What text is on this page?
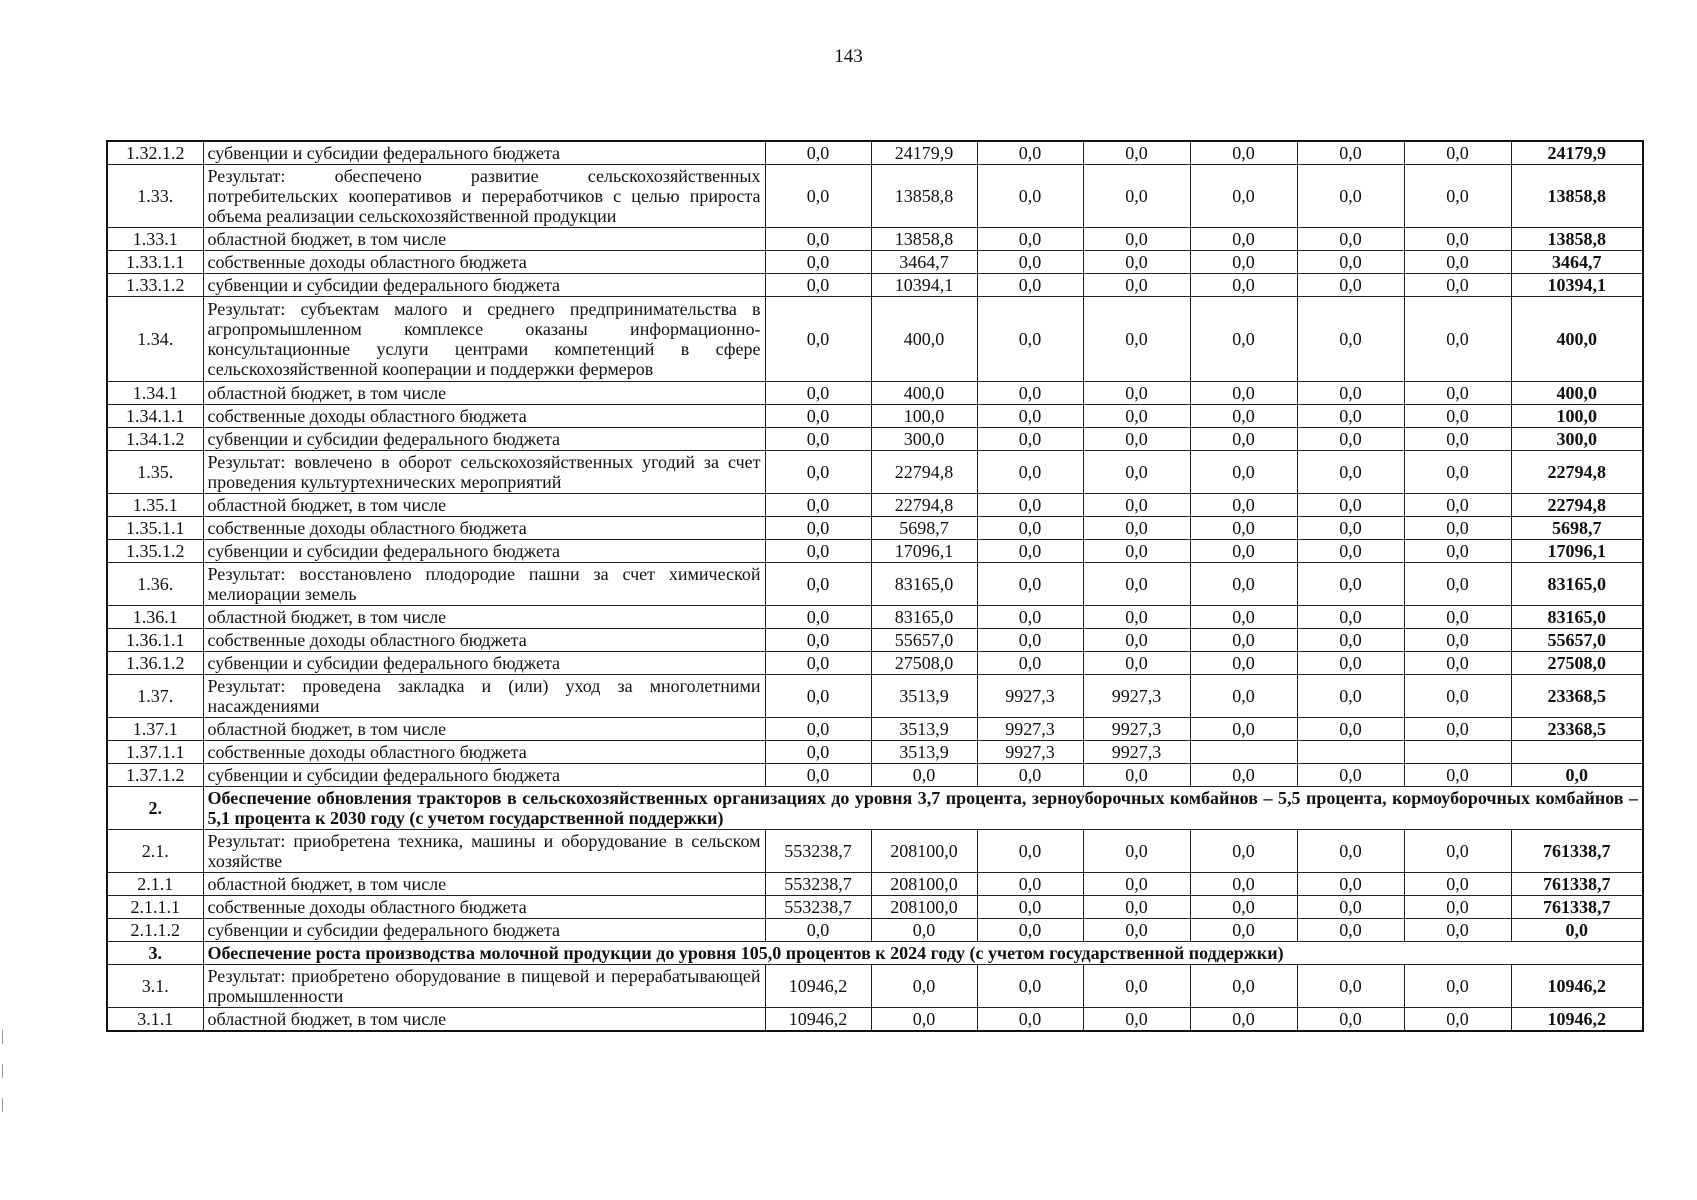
143
1.32.1.2	субвенции и субсидии федерального бюджета	0,0	24179,9	0,0	0,0	0,0	0,0	0,0	24179,9
1.33.	Результат: обеспечено развитие сельскохозяйственных потребительских кооперативов и переработчиков с целью прироста объема реализации сельскохозяйственной продукции	0,0	13858,8	0,0	0,0	0,0	0,0	0,0	13858,8
1.33.1	областной бюджет, в том числе	0,0	13858,8	0,0	0,0	0,0	0,0	0,0	13858,8
1.33.1.1	собственные доходы областного бюджета	0,0	3464,7	0,0	0,0	0,0	0,0	0,0	3464,7
1.33.1.2	субвенции и субсидии федерального бюджета	0,0	10394,1	0,0	0,0	0,0	0,0	0,0	10394,1
1.34.	Результат: субъектам малого и среднего предпринимательства в агропромышленном комплексе оказаны информационно-консультационные услуги центрами компетенций в сфере сельскохозяйственной кооперации и поддержки фермеров	0,0	400,0	0,0	0,0	0,0	0,0	0,0	400,0
1.34.1	областной бюджет, в том числе	0,0	400,0	0,0	0,0	0,0	0,0	0,0	400,0
1.34.1.1	собственные доходы областного бюджета	0,0	100,0	0,0	0,0	0,0	0,0	0,0	100,0
1.34.1.2	субвенции и субсидии федерального бюджета	0,0	300,0	0,0	0,0	0,0	0,0	0,0	300,0
1.35.	Результат: вовлечено в оборот сельскохозяйственных угодий за счет проведения культуртехнических мероприятий	0,0	22794,8	0,0	0,0	0,0	0,0	0,0	22794,8
1.35.1	областной бюджет, в том числе	0,0	22794,8	0,0	0,0	0,0	0,0	0,0	22794,8
1.35.1.1	собственные доходы областного бюджета	0,0	5698,7	0,0	0,0	0,0	0,0	0,0	5698,7
1.35.1.2	субвенции и субсидии федерального бюджета	0,0	17096,1	0,0	0,0	0,0	0,0	0,0	17096,1
1.36.	Результат: восстановлено плодородие пашни за счет химической мелиорации земель	0,0	83165,0	0,0	0,0	0,0	0,0	0,0	83165,0
1.36.1	областной бюджет, в том числе	0,0	83165,0	0,0	0,0	0,0	0,0	0,0	83165,0
1.36.1.1	собственные доходы областного бюджета	0,0	55657,0	0,0	0,0	0,0	0,0	0,0	55657,0
1.36.1.2	субвенции и субсидии федерального бюджета	0,0	27508,0	0,0	0,0	0,0	0,0	0,0	27508,0
1.37.	Результат: проведена закладка и (или) уход за многолетними насаждениями	0,0	3513,9	9927,3	9927,3	0,0	0,0	0,0	23368,5
1.37.1	областной бюджет, в том числе	0,0	3513,9	9927,3	9927,3	0,0	0,0	0,0	23368,5
1.37.1.1	собственные доходы областного бюджета	0,0	3513,9	9927,3	9927,3				
1.37.1.2	субвенции и субсидии федерального бюджета	0,0	0,0	0,0	0,0	0,0	0,0	0,0	0,0
2.	Обеспечение обновления тракторов в сельскохозяйственных организациях до уровня 3,7 процента, зерноуборочных комбайнов – 5,5 процента, кормоуборочных комбайнов – 5,1 процента к 2030 году (с учетом государственной поддержки)								
2.1.	Результат: приобретена техника, машины и оборудование в сельском хозяйстве	553238,7	208100,0	0,0	0,0	0,0	0,0	0,0	761338,7
2.1.1	областной бюджет, в том числе	553238,7	208100,0	0,0	0,0	0,0	0,0	0,0	761338,7
2.1.1.1	собственные доходы областного бюджета	553238,7	208100,0	0,0	0,0	0,0	0,0	0,0	761338,7
2.1.1.2	субвенции и субсидии федерального бюджета	0,0	0,0	0,0	0,0	0,0	0,0	0,0	0,0
3.	Обеспечение роста производства молочной продукции до уровня 105,0 процентов к 2024 году (с учетом государственной поддержки)								
3.1.	Результат: приобретено оборудование в пищевой и перерабатывающей промышленности	10946,2	0,0	0,0	0,0	0,0	0,0	0,0	10946,2
3.1.1	областной бюджет, в том числе	10946,2	0,0	0,0	0,0	0,0	0,0	0,0	10946,2
